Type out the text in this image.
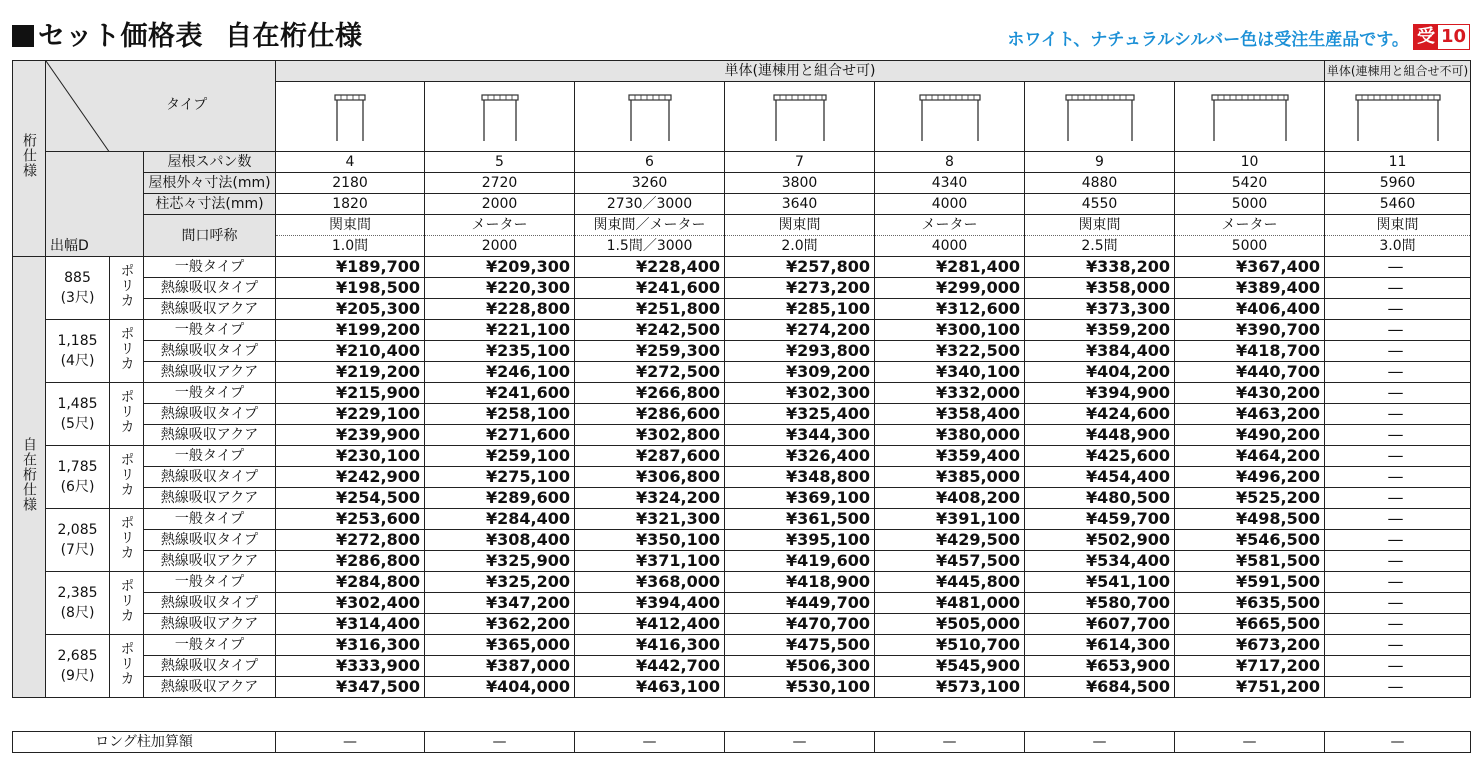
セット価格表 自在桁仕様	ホワイト、ナチュラルシルバー色は受注生産品です。 受 10
桁仕様	タイプ			単体(連棟用と組合せ可)							単体(連棟用と組合せ不可)

	出幅D		屋根スパン数	4	5	6	7	8	9	10	11
			屋根外々寸法(mm)	2180	2720	3260	3800	4340	4880	5420	5960
			柱芯々寸法(mm)	1820	2000	2730／3000	3640	4000	4550	5000	5460
			間口呼称	関東間	メーター	関東間／メーター	関東間	メーター	関東間	メーター	関東間
				1.0間	2000	1.5間／3000	2.0間	4000	2.5間	5000	3.0間
自在桁仕様	885
(3尺)	ポリカ	一般タイプ	¥189,700	¥209,300	¥228,400	¥257,800	¥281,400	¥338,200	¥367,400	—
			熱線吸収タイプ	¥198,500	¥220,300	¥241,600	¥273,200	¥299,000	¥358,000	¥389,400	—
			熱線吸収アクア	¥205,300	¥228,800	¥251,800	¥285,100	¥312,600	¥373,300	¥406,400	—

	1,185
(4尺)	ポリカ	一般タイプ	¥199,200	¥221,100	¥242,500	¥274,200	¥300,100	¥359,200	¥390,700	—
			熱線吸収タイプ	¥210,400	¥235,100	¥259,300	¥293,800	¥322,500	¥384,400	¥418,700	—
			熱線吸収アクア	¥219,200	¥246,100	¥272,500	¥309,200	¥340,100	¥404,200	¥440,700	—

	1,485
(5尺)	ポリカ	一般タイプ	¥215,900	¥241,600	¥266,800	¥302,300	¥332,000	¥394,900	¥430,200	—
			熱線吸収タイプ	¥229,100	¥258,100	¥286,600	¥325,400	¥358,400	¥424,600	¥463,200	—
			熱線吸収アクア	¥239,900	¥271,600	¥302,800	¥344,300	¥380,000	¥448,900	¥490,200	—

	1,785
(6尺)	ポリカ	一般タイプ	¥230,100	¥259,100	¥287,600	¥326,400	¥359,400	¥425,600	¥464,200	—
			熱線吸収タイプ	¥242,900	¥275,100	¥306,800	¥348,800	¥385,000	¥454,400	¥496,200	—
			熱線吸収アクア	¥254,500	¥289,600	¥324,200	¥369,100	¥408,200	¥480,500	¥525,200	—

	2,085
(7尺)	ポリカ	一般タイプ	¥253,600	¥284,400	¥321,300	¥361,500	¥391,100	¥459,700	¥498,500	—
			熱線吸収タイプ	¥272,800	¥308,400	¥350,100	¥395,100	¥429,500	¥502,900	¥546,500	—
			熱線吸収アクア	¥286,800	¥325,900	¥371,100	¥419,600	¥457,500	¥534,400	¥581,500	—

	2,385
(8尺)	ポリカ	一般タイプ	¥284,800	¥325,200	¥368,000	¥418,900	¥445,800	¥541,100	¥591,500	—
			熱線吸収タイプ	¥302,400	¥347,200	¥394,400	¥449,700	¥481,000	¥580,700	¥635,500	—
			熱線吸収アクア	¥314,400	¥362,200	¥412,400	¥470,700	¥505,000	¥607,700	¥665,500	—

	2,685
(9尺)	ポリカ	一般タイプ	¥316,300	¥365,000	¥416,300	¥475,500	¥510,700	¥614,300	¥673,200	—
			熱線吸収タイプ	¥333,900	¥387,000	¥442,700	¥506,300	¥545,900	¥653,900	¥717,200	—
			熱線吸収アクア	¥347,500	¥404,000	¥463,100	¥530,100	¥573,100	¥684,500	¥751,200	—
ロング柱加算額	—	—	—	—	—	—	—	—
